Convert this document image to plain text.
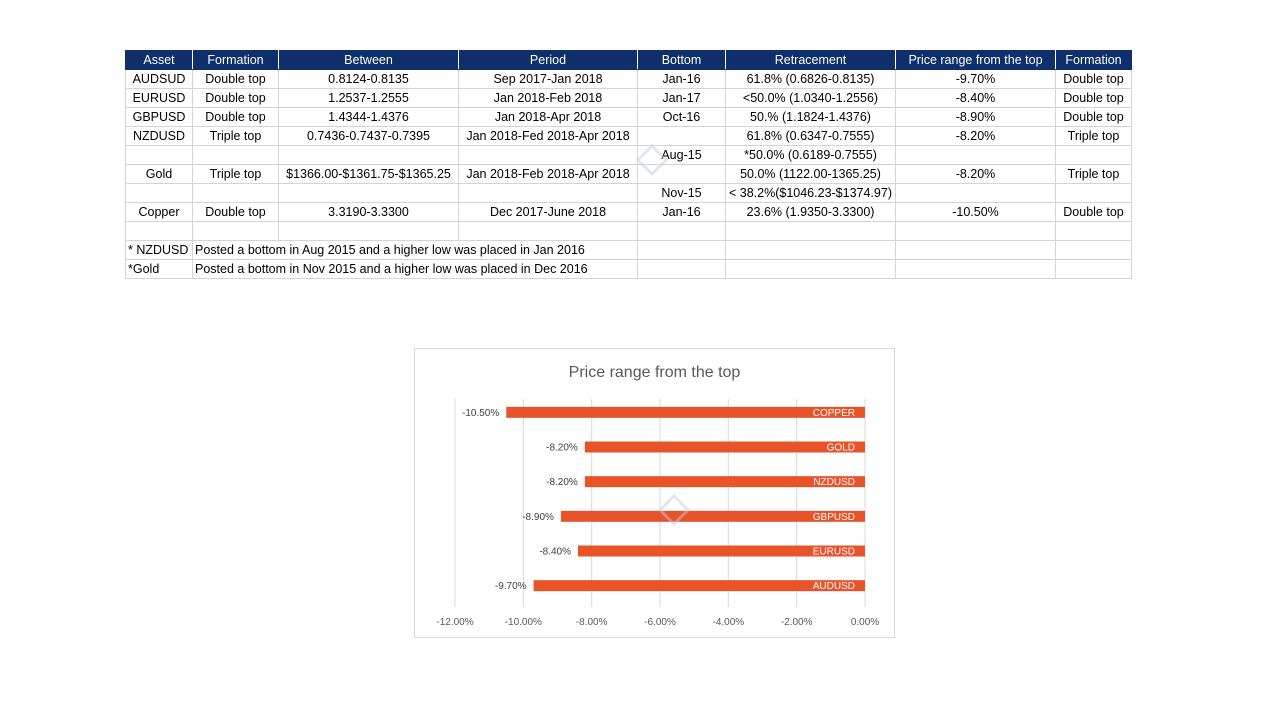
Asset	Formation	Between	Period	Bottom	Retracement	Price range from the top	Formation
AUDSUD	Double top	0.8124-0.8135	Sep 2017-Jan 2018	Jan-16	61.8% (0.6826-0.8135)	-9.70%	Double top
EURUSD	Double top	1.2537-1.2555	Jan 2018-Feb 2018	Jan-17	<50.0% (1.0340-1.2556)	-8.40%	Double top
GBPUSD	Double top	1.4344-1.4376	Jan 2018-Apr 2018	Oct-16	50.% (1.1824-1.4376)	-8.90%	Double top
NZDUSD	Triple top	0.7436-0.7437-0.7395	Jan 2018-Fed 2018-Apr 2018		61.8% (0.6347-0.7555)	-8.20%	Triple top
				Aug-15	*50.0% (0.6189-0.7555)		
Gold	Triple top	$1366.00-$1361.75-$1365.25	Jan 2018-Feb 2018-Apr 2018		50.0% (1122.00-1365.25)	-8.20%	Triple top
				Nov-15	< 38.2%($1046.23-$1374.97)		
Copper	Double top	3.3190-3.3300	Dec 2017-June 2018	Jan-16	23.6% (1.9350-3.3300)	-10.50%	Double top

* NZDUSD	Posted a bottom in Aug 2015 and a higher low was placed in Jan 2016						
*Gold	Posted a bottom in Nov 2015 and a higher low was placed in Dec 2016						
Price range from the top
COPPER
-10.50%
GOLD
-8.20%
NZDUSD
-8.20%
GBPUSD
-8.90%
EURUSD
-8.40%
AUDUSD
-9.70%
-12.00%	-10.00%	-8.00%	-6.00%	-4.00%	-2.00%	0.00%
